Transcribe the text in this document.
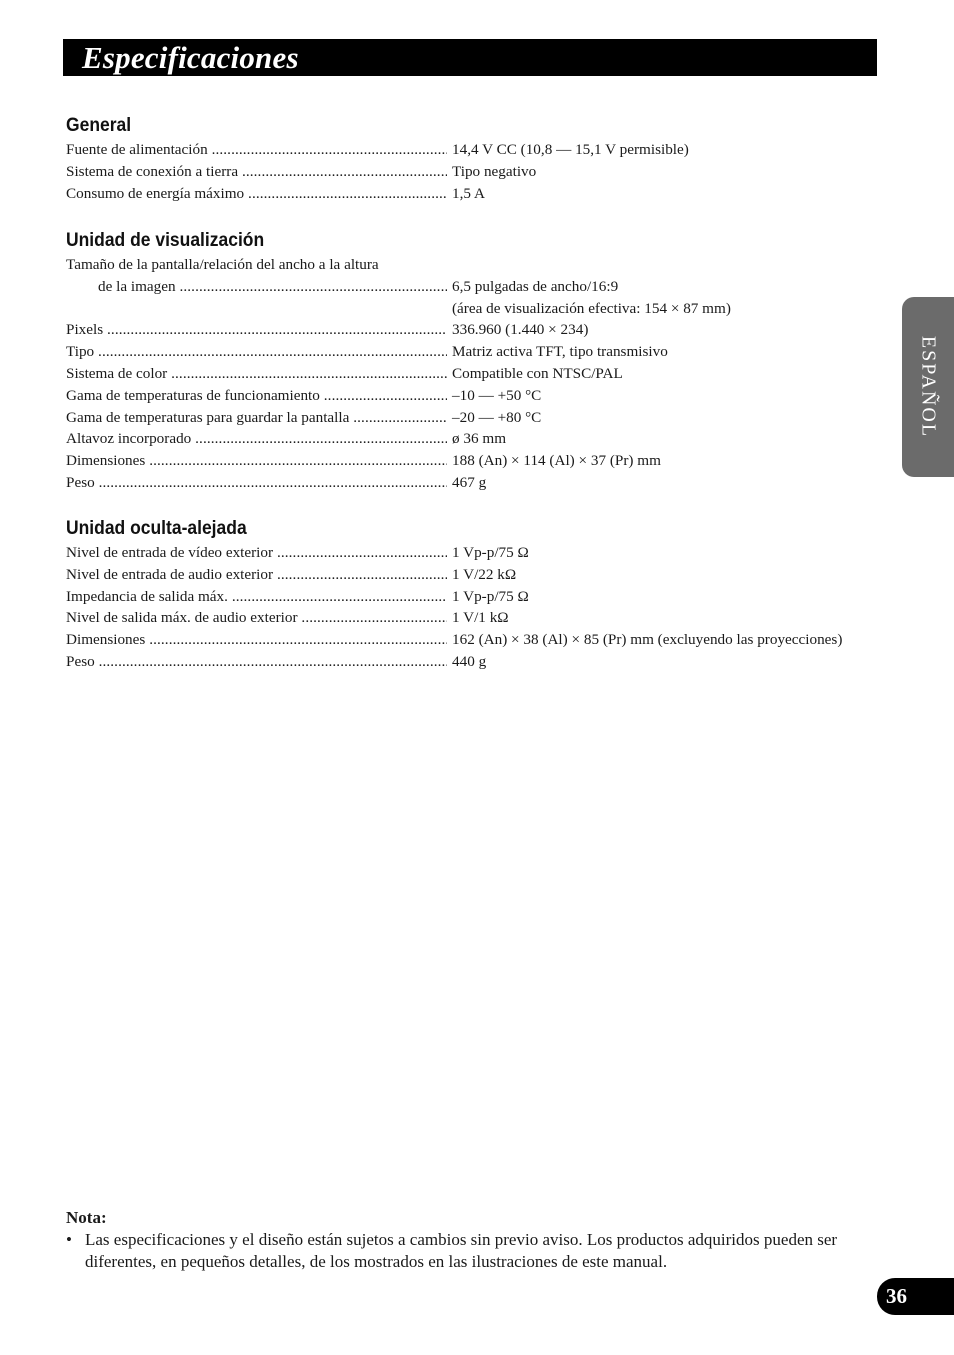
Especificaciones
ESPAÑOL
General
Fuente de alimentación .....	14,4 V CC (10,8 — 15,1 V permisible)
Sistema de conexión a tierra .....	Tipo negativo
Consumo de energía máximo .....	1,5 A
Unidad de visualización
Tamaño de la pantalla/relación del ancho a la altura
de la imagen .....	6,5 pulgadas de ancho/16:9
(área de visualización efectiva: 154 × 87 mm)
Pixels .....	336.960 (1.440 × 234)
Tipo .....	Matriz activa TFT, tipo transmisivo
Sistema de color .....	Compatible con NTSC/PAL
Gama de temperaturas de funcionamiento .....	–10 — +50 °C
Gama de temperaturas para guardar la pantalla .....	–20 — +80 °C
Altavoz incorporado .....	ø 36 mm
Dimensiones .....	188 (An) × 114 (Al) × 37 (Pr) mm
Peso .....	467 g
Unidad oculta-alejada
Nivel de entrada de vídeo exterior .....	1 Vp-p/75 Ω
Nivel de entrada de audio exterior .....	1 V/22 kΩ
Impedancia de salida máx. .....	1 Vp-p/75 Ω
Nivel de salida máx. de audio exterior .....	1 V/1 kΩ
Dimensiones .....	162 (An) × 38 (Al) × 85 (Pr) mm (excluyendo las proyecciones)
Peso .....	440 g
Nota:
• Las especificaciones y el diseño están sujetos a cambios sin previo aviso. Los productos adquiridos pueden ser diferentes, en pequeños detalles, de los mostrados en las ilustraciones de este manual.
36
